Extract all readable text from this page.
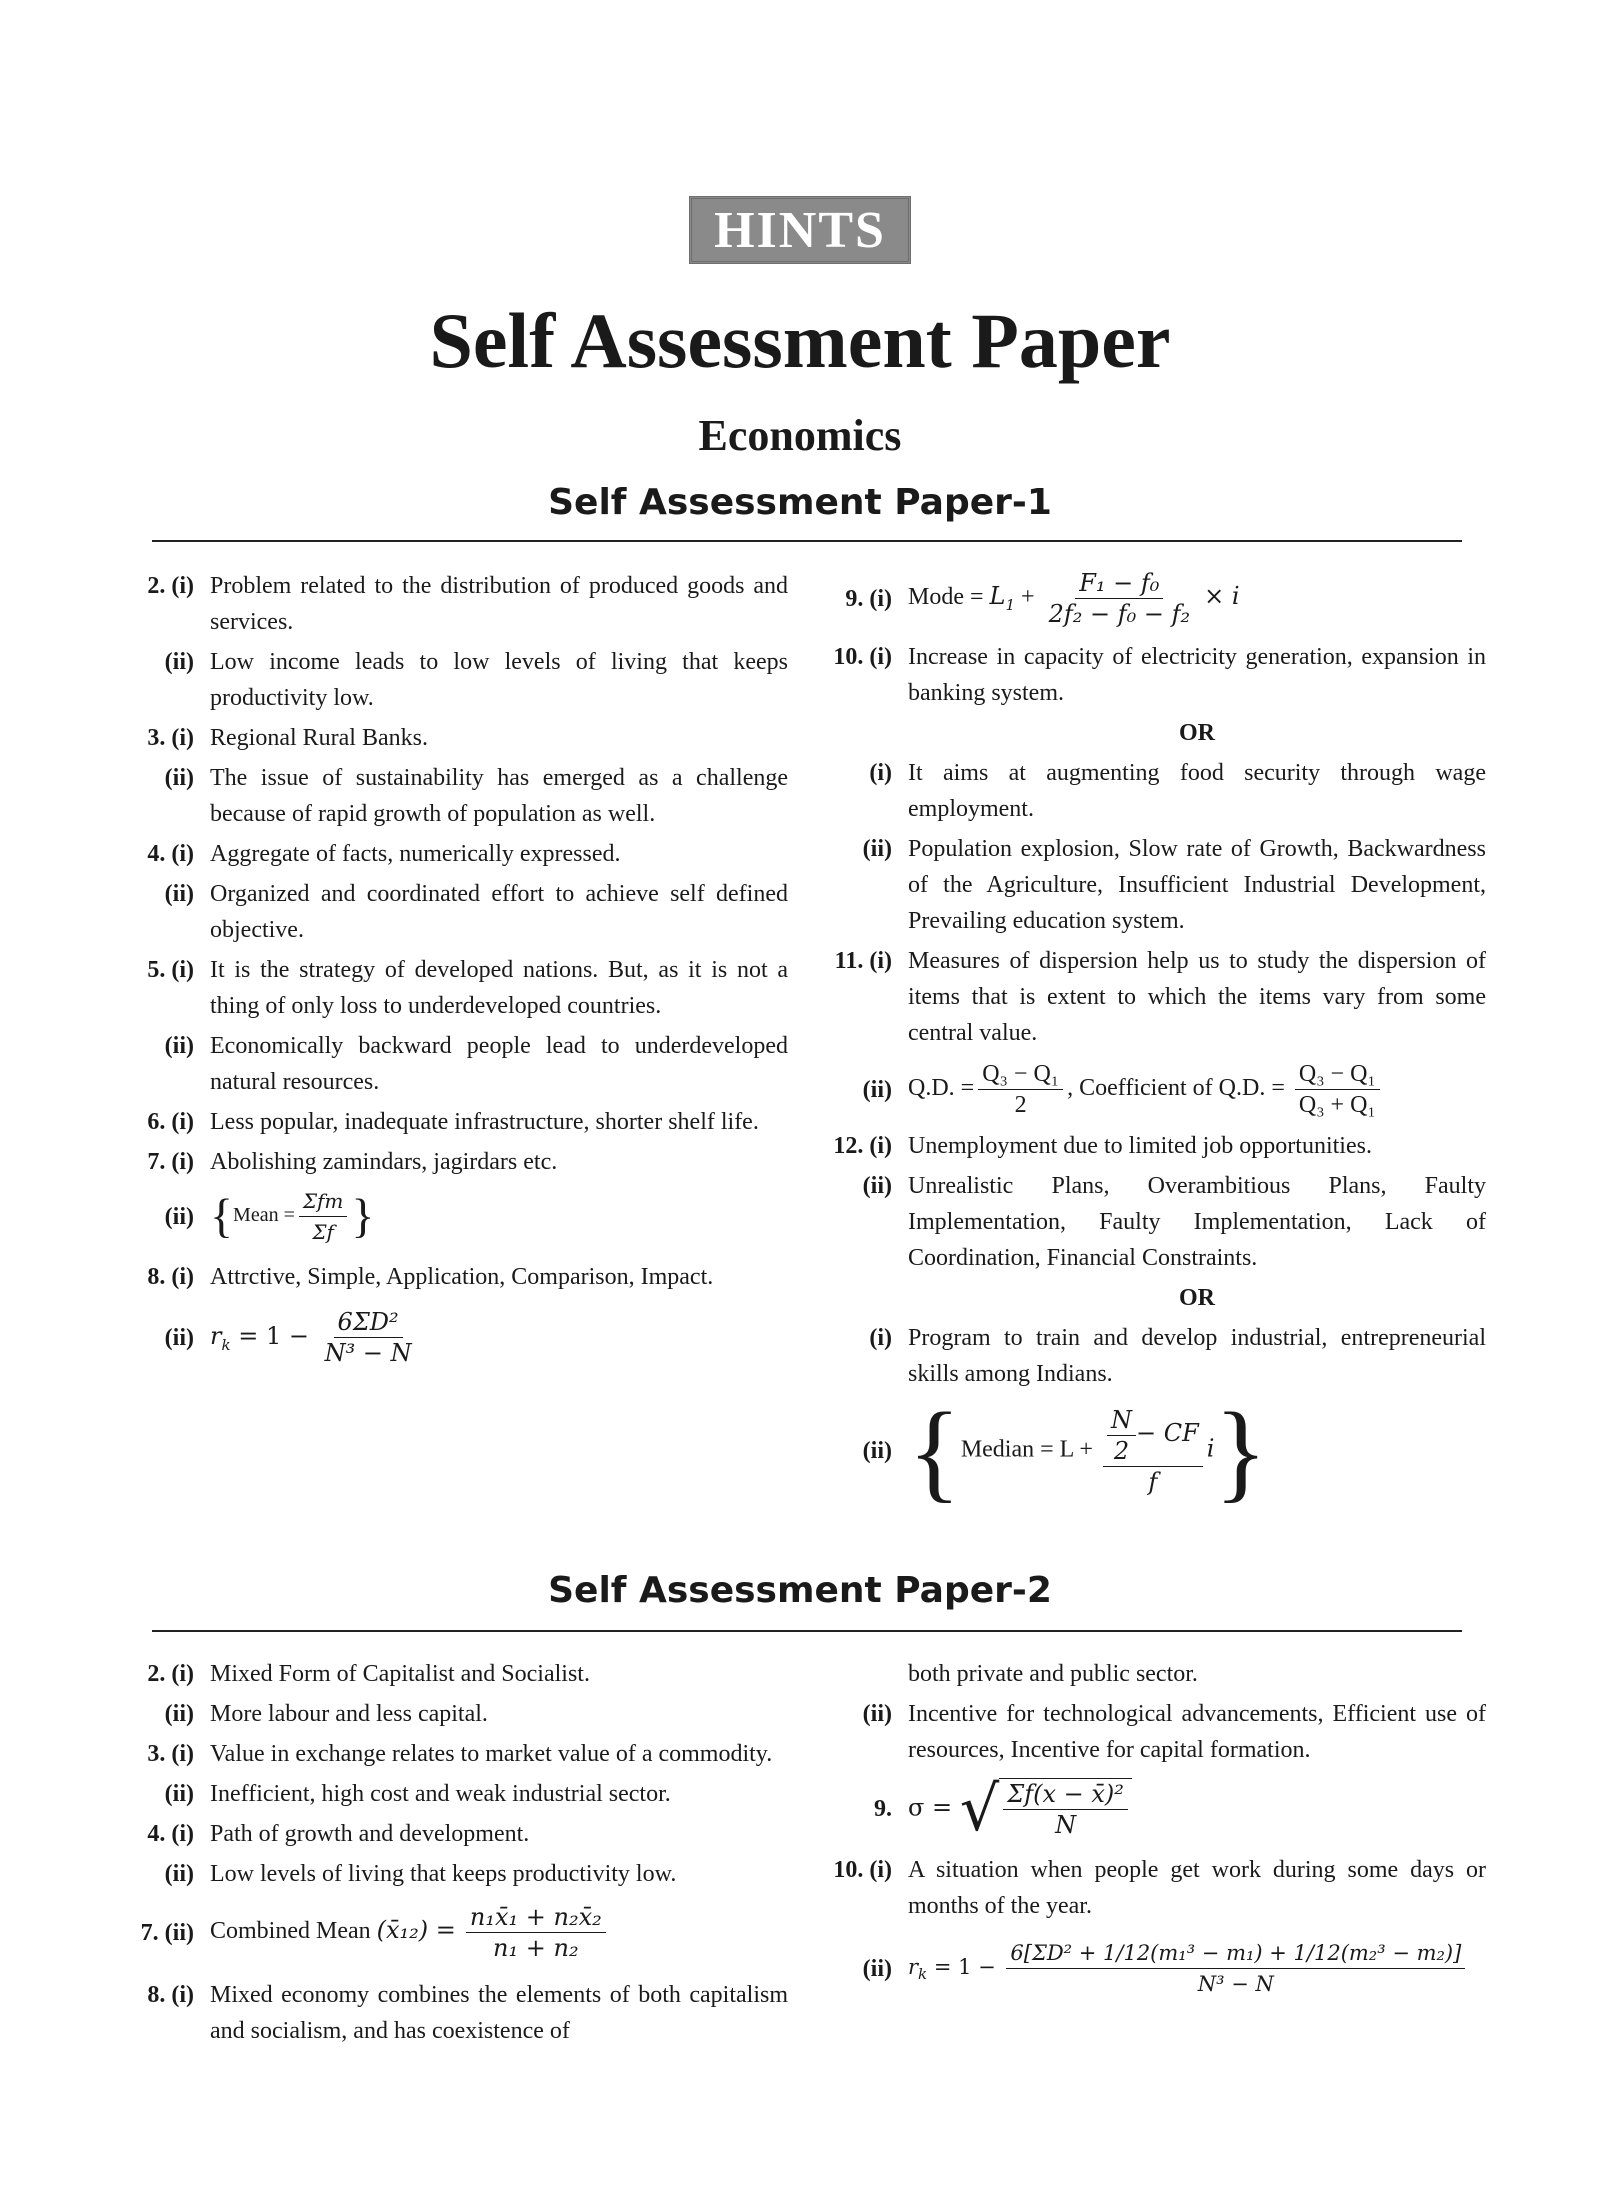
HINTS
Self Assessment Paper
Economics
Self Assessment Paper-1
2. (i) Problem related to the distribution of produced goods and services.
(ii) Low income leads to low levels of living that keeps productivity low.
3. (i) Regional Rural Banks.
(ii) The issue of sustainability has emerged as a challenge because of rapid growth of population as well.
4. (i) Aggregate of facts, numerically expressed.
(ii) Organized and coordinated effort to achieve self defined objective.
5. (i) It is the strategy of developed nations. But, as it is not a thing of only loss to underdeveloped countries.
(ii) Economically backward people lead to underdeveloped natural resources.
6. (i) Less popular, inadequate infrastructure, shorter shelf life.
7. (i) Abolishing zamindars, jagirdars etc.
(ii) {Mean = $\frac{\text{Σfm}}{\Sigma f}$ }
8. (i) Attrctive, Simple, Application, Comparison, Impact.
(ii) $r_k = 1 - \frac{\text{6ΣD²}}{\text{N³ − N}}$
9. (i) Mode = $L_1 + \frac{\text{F₁ − f₀}}{\text{2f₂ − f₀ − f₂}} \times i$
10. (i) Increase in capacity of electricity generation, expansion in banking system.
OR
(i) It aims at augmenting food security through wage employment.
(ii) Population explosion, Slow rate of Growth, Backwardness of the Agriculture, Insufficient Industrial Development, Prevailing education system.
11. (i) Measures of dispersion help us to study the dispersion of items that is extent to which the items vary from some central value.
(ii) Q.D. = $\frac{\text{Q₃ − Q₁}}{2}$ , Coefficient of Q.D. = $\frac{\text{Q₃ − Q₁}}{\text{Q₃ + Q₁}}$
12. (i) Unemployment due to limited job opportunities.
(ii) Unrealistic Plans, Overambitious Plans, Faulty Implementation, Faulty Implementation, Lack of Coordination, Financial Constraints.
OR
(i) Program to train and develop industrial, entrepreneurial skills among Indians.
(ii) {Median = $L + \frac{\frac{N}{2} - CF}{f} i$}
Self Assessment Paper-2
2. (i) Mixed Form of Capitalist and Socialist.
(ii) More labour and less capital.
3. (i) Value in exchange relates to market value of a commodity.
(ii) Inefficient, high cost and weak industrial sector.
4. (i) Path of growth and development.
(ii) Low levels of living that keeps productivity low.
7. (ii) Combined Mean (x̄₁₂) = $\frac{\text{n₁x̄₁ + n₂x̄₂}}{\text{n₁ + n₂}}$
8. (i) Mixed economy combines the elements of both capitalism and socialism, and has coexistence of
both private and public sector.
(ii) Incentive for technological advancements, Efficient use of resources, Incentive for capital formation.
9. σ = √ $\frac{\text{Σf(x − x̄)²}}{N}$
10. (i) A situation when people get work during some days or months of the year.
(ii) $r_k = 1 - \frac{\text{6[ΣD² + 1/12(m₁³ − m₁) + 1/12(m₂³ − m₂)]}}{\text{N³ − N}}$
